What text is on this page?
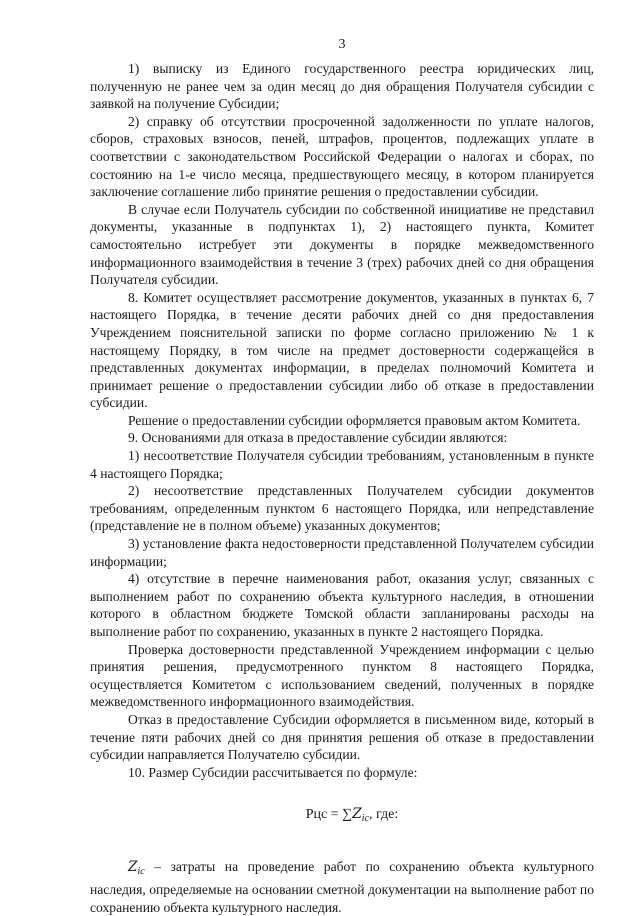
3

1) выписку из Единого государственного реестра юридических лиц, полученную не ранее чем за один месяц до дня обращения Получателя субсидии с заявкой на получение Субсидии;

2) справку об отсутствии просроченной задолженности по уплате налогов, сборов, страховых взносов, пеней, штрафов, процентов, подлежащих уплате в соответствии с законодательством Российской Федерации о налогах и сборах, по состоянию на 1-е число месяца, предшествующего месяцу, в котором планируется заключение соглашение либо принятие решения о предоставлении субсидии.

В случае если Получатель субсидии по собственной инициативе не представил документы, указанные в подпунктах 1), 2) настоящего пункта, Комитет самостоятельно истребует эти документы в порядке межведомственного информационного взаимодействия в течение 3 (трех) рабочих дней со дня обращения Получателя субсидии.

8. Комитет осуществляет рассмотрение документов, указанных в пунктах 6, 7 настоящего Порядка, в течение десяти рабочих дней со дня предоставления Учреждением пояснительной записки по форме согласно приложению № 1 к настоящему Порядку, в том числе на предмет достоверности содержащейся в представленных документах информации, в пределах полномочий Комитета и принимает решение о предоставлении субсидии либо об отказе в предоставлении субсидии.

Решение о предоставлении субсидии оформляется правовым актом Комитета.

9. Основаниями для отказа в предоставление субсидии являются:

1) несоответствие Получателя субсидии требованиям, установленным в пункте 4 настоящего Порядка;

2) несоответствие представленных Получателем субсидии документов требованиям, определенным пунктом 6 настоящего Порядка, или непредставление (представление не в полном объеме) указанных документов;

3) установление факта недостоверности представленной Получателем субсидии информации;

4) отсутствие в перечне наименования работ, оказания услуг, связанных с выполнением работ по сохранению объекта культурного наследия, в отношении которого в областном бюджете Томской области запланированы расходы на выполнение работ по сохранению, указанных в пункте 2 настоящего Порядка.

Проверка достоверности представленной Учреждением информации с целью принятия решения, предусмотренного пунктом 8 настоящего Порядка, осуществляется Комитетом с использованием сведений, полученных в порядке межведомственного информационного взаимодействия.

Отказ в предоставление Субсидии оформляется в письменном виде, который в течение пяти рабочих дней со дня принятия решения об отказе в предоставлении субсидии направляется Получателю субсидии.

10. Размер Субсидии рассчитывается по формуле:

Рцс = $\sum Z_{ic}$, где:

$Z_{ic}$ – затраты на проведение работ по сохранению объекта культурного наследия, определяемые на основании сметной документации на выполнение работ по сохранению объекта культурного наследия.
